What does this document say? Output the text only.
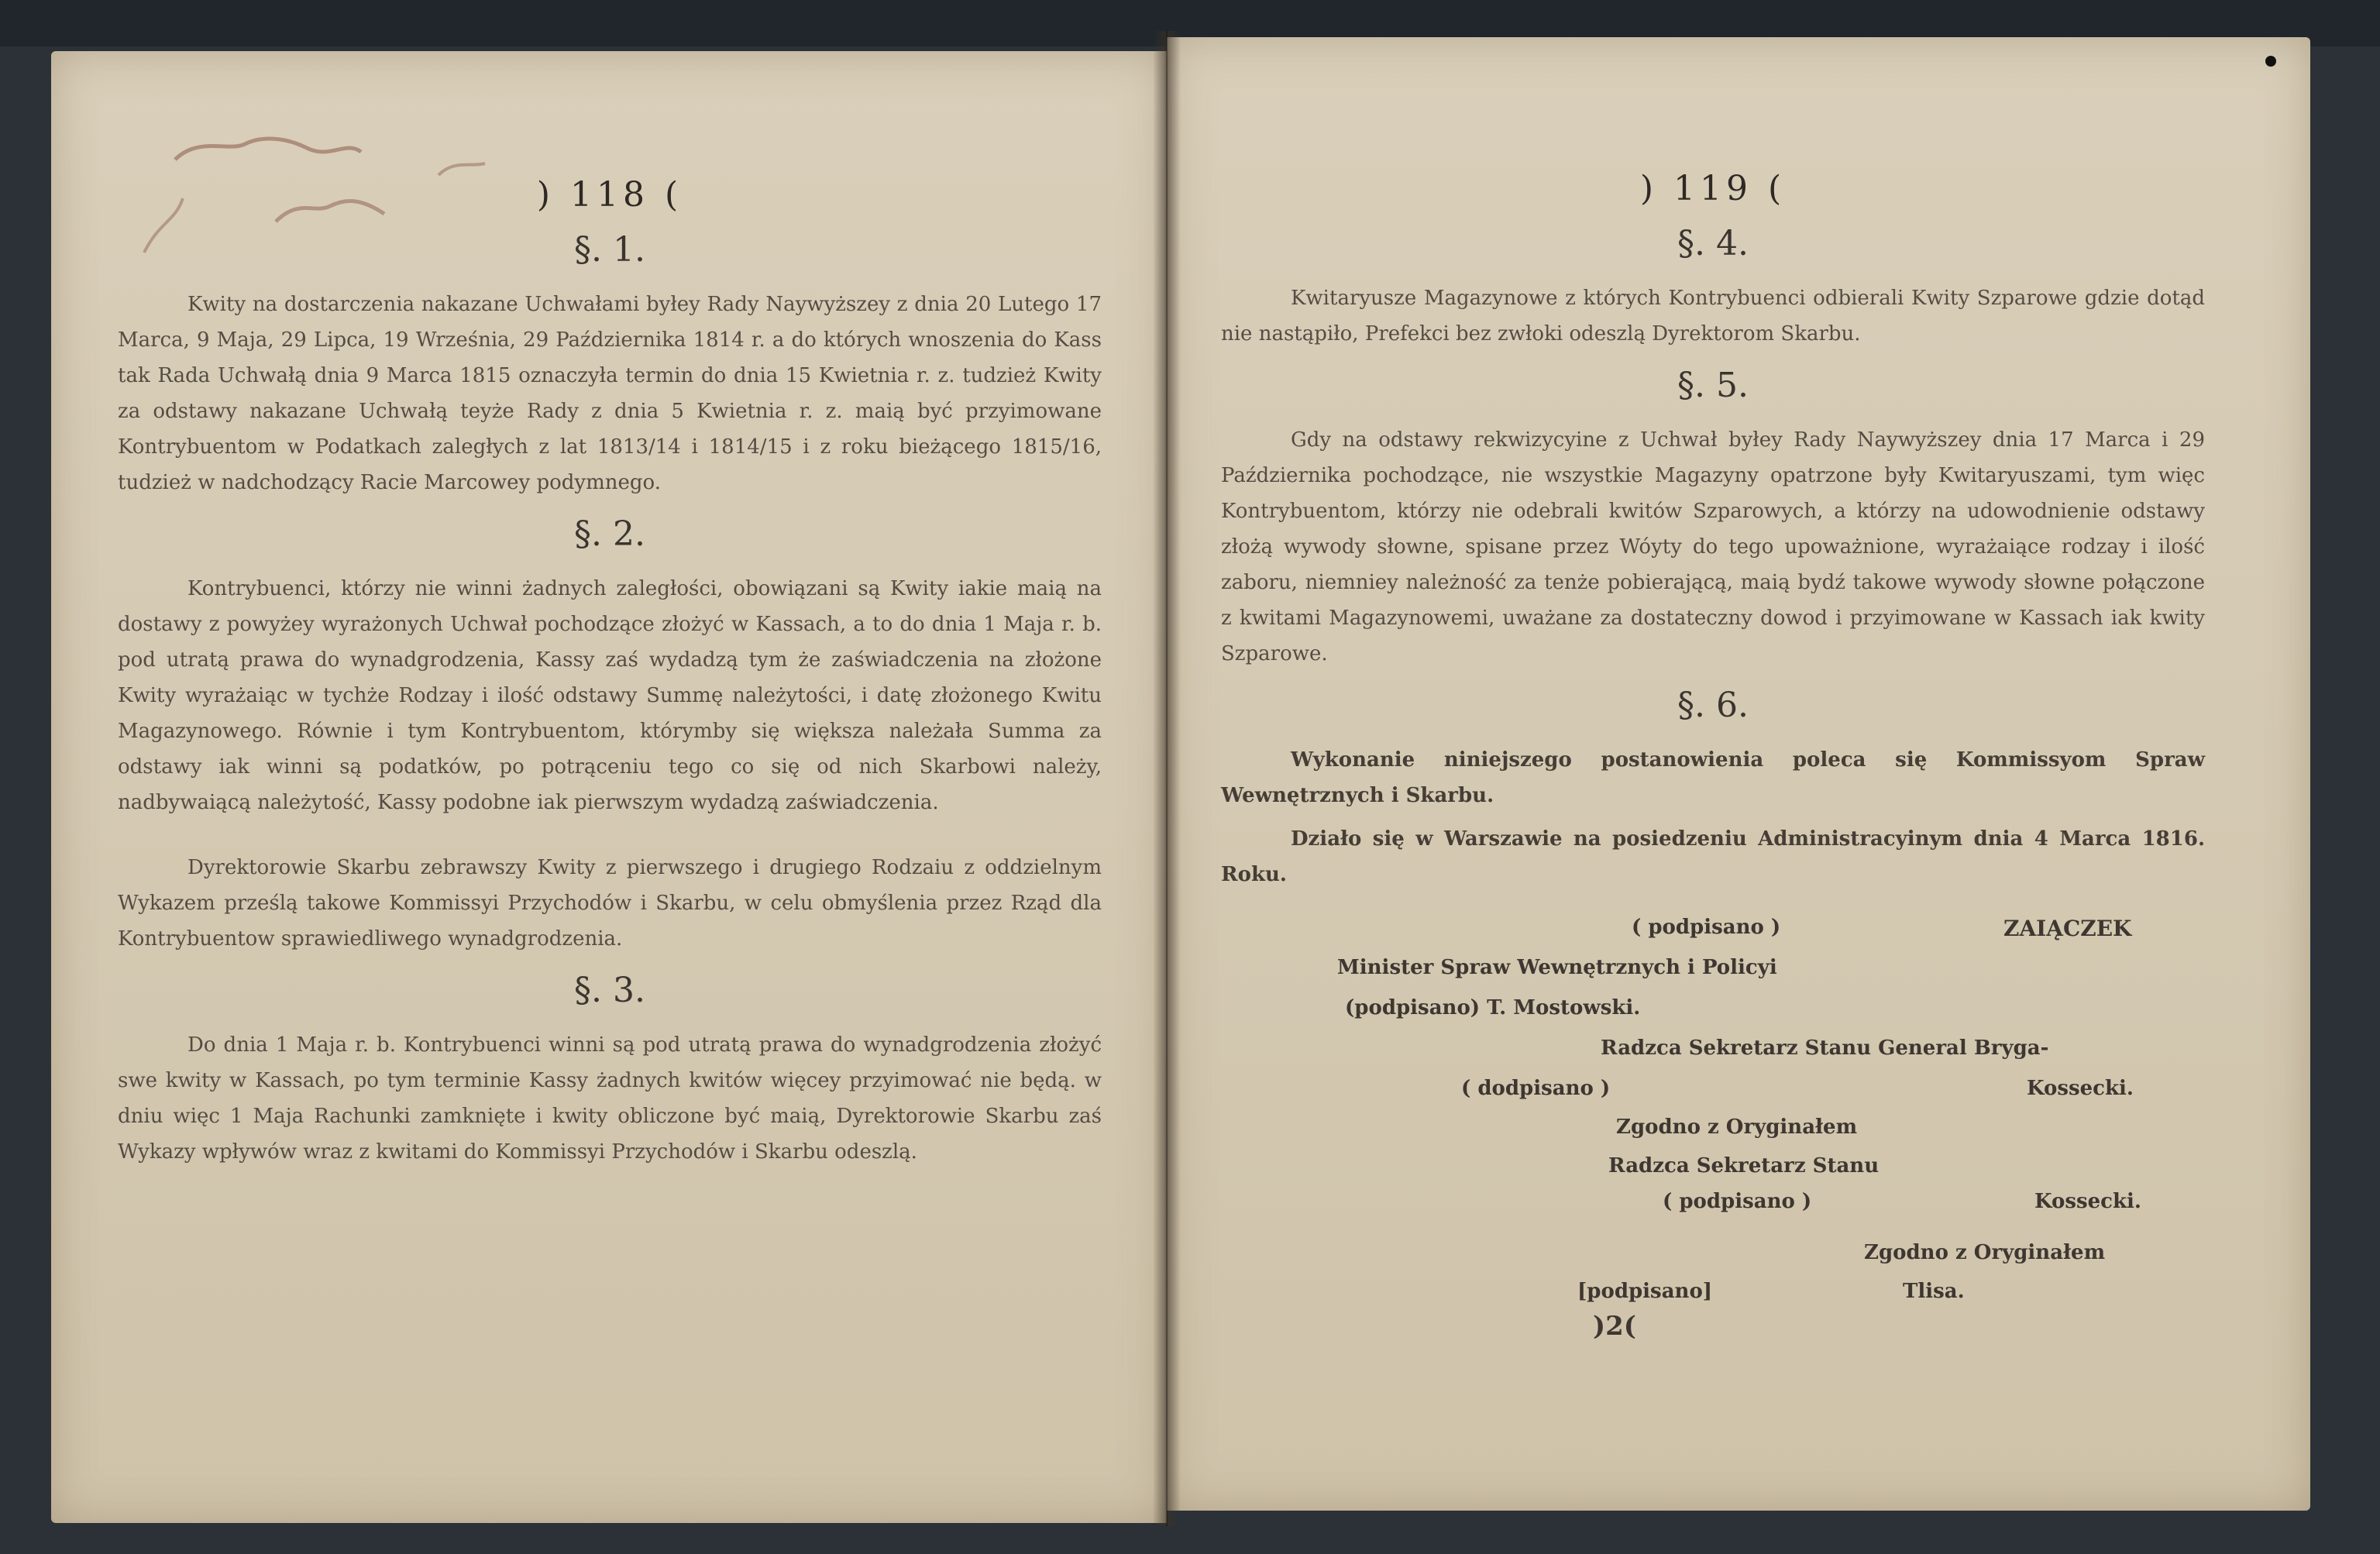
) 118 (
§. 1.

Kwity na dostarczenia nakazane Uchwałami byłey Rady Naywyższey z dnia 20 Lutego 17 Marca, 9 Maja, 29 Lipca, 19 Września, 29 Października 1814 r. a do których wnoszenia do Kass tak Rada Uchwałą dnia 9 Marca 1815 oznaczyła termin do dnia 15 Kwietnia r. z. tudzież Kwity za odstawy nakazane Uchwałą teyże Rady z dnia 5 Kwietnia r. z. maią być przyimowane Kontrybuentom w Podatkach zaległych z lat 1813/14 i 1814/15 i z roku bieżącego 1815/16, tudzież w nadchodzący Racie Marcowey podymnego.

§. 2.

Kontrybuenci, którzy nie winni żadnych zaległości, obowiązani są Kwity iakie maią na dostawy z powyżey wyrażonych Uchwał pochodzące złożyć w Kassach, a to do dnia 1 Maja r. b. pod utratą prawa do wynadgrodzenia, Kassy zaś wydadzą tym że zaświadczenia na złożone Kwity wyrażaiąc w tychże Rodzay i ilość odstawy Summę należytości, i datę złożonego Kwitu Magazynowego. Równie i tym Kontrybuentom, którymby się większa należała Summa za odstawy iak winni są podatków, po potrąceniu tego co się od nich Skarbowi należy, nadbywaiącą należytość, Kassy podobne iak pierwszym wydadzą zaświadczenia.

Dyrektorowie Skarbu zebrawszy Kwity z pierwszego i drugiego Rodzaiu z oddzielnym Wykazem prześlą takowe Kommissyi Przychodów i Skarbu, w celu obmyślenia przez Rząd dla Kontrybuentow sprawiedliwego wynadgrodzenia.

§. 3.

Do dnia 1 Maja r. b. Kontrybuenci winni są pod utratą prawa do wynadgrodzenia złożyć swe kwity w Kassach, po tym terminie Kassy żadnych kwitów więcey przyimować nie będą. w dniu więc 1 Maja Rachunki zamknięte i kwity obliczone być maią, Dyrektorowie Skarbu zaś Wykazy wpływów wraz z kwitami do Kommissyi Przychodów i Skarbu odeszlą.

) 119 (
§. 4.

Kwitaryusze Magazynowe z których Kontrybuenci odbierali Kwity Szparowe gdzie dotąd nie nastąpiło, Prefekci bez zwłoki odeszlą Dyrektorom Skarbu.

§. 5.

Gdy na odstawy rekwizycyine z Uchwał byłey Rady Naywyższey dnia 17 Marca i 29 Października pochodzące, nie wszystkie Magazyny opatrzone były Kwitaryuszami, tym więc Kontrybuentom, którzy nie odebrali kwitów Szparowych, a którzy na udowodnienie odstawy złożą wywody słowne, spisane przez Wóyty do tego upoważnione, wyrażaiące rodzay i ilość zaboru, niemniey należność za tenże pobierającą, maią bydź takowe wywody słowne połączone z kwitami Magazynowemi, uważane za dostateczny dowod i przyimowane w Kassach iak kwity Szparowe.

§. 6.

Wykonanie niniejszego postanowienia poleca się Kommissyom Spraw Wewnętrznych i Skarbu.

Działo się w Warszawie na posiedzeniu Administracyinym dnia 4 Marca 1816. Roku.

( podpisano )	ZAIĄCZEK
Minister Spraw Wewnętrznych i Policyi
(podpisano) T. Mostowski.
Radzca Sekretarz Stanu General Bryga-
( dodpisano )	Kossecki.
Zgodno z Oryginałem
Radzca Sekretarz Stanu
( podpisano )	Kossecki.
Zgodno z Oryginałem
[podpisano]	Tlisa.
)2(
